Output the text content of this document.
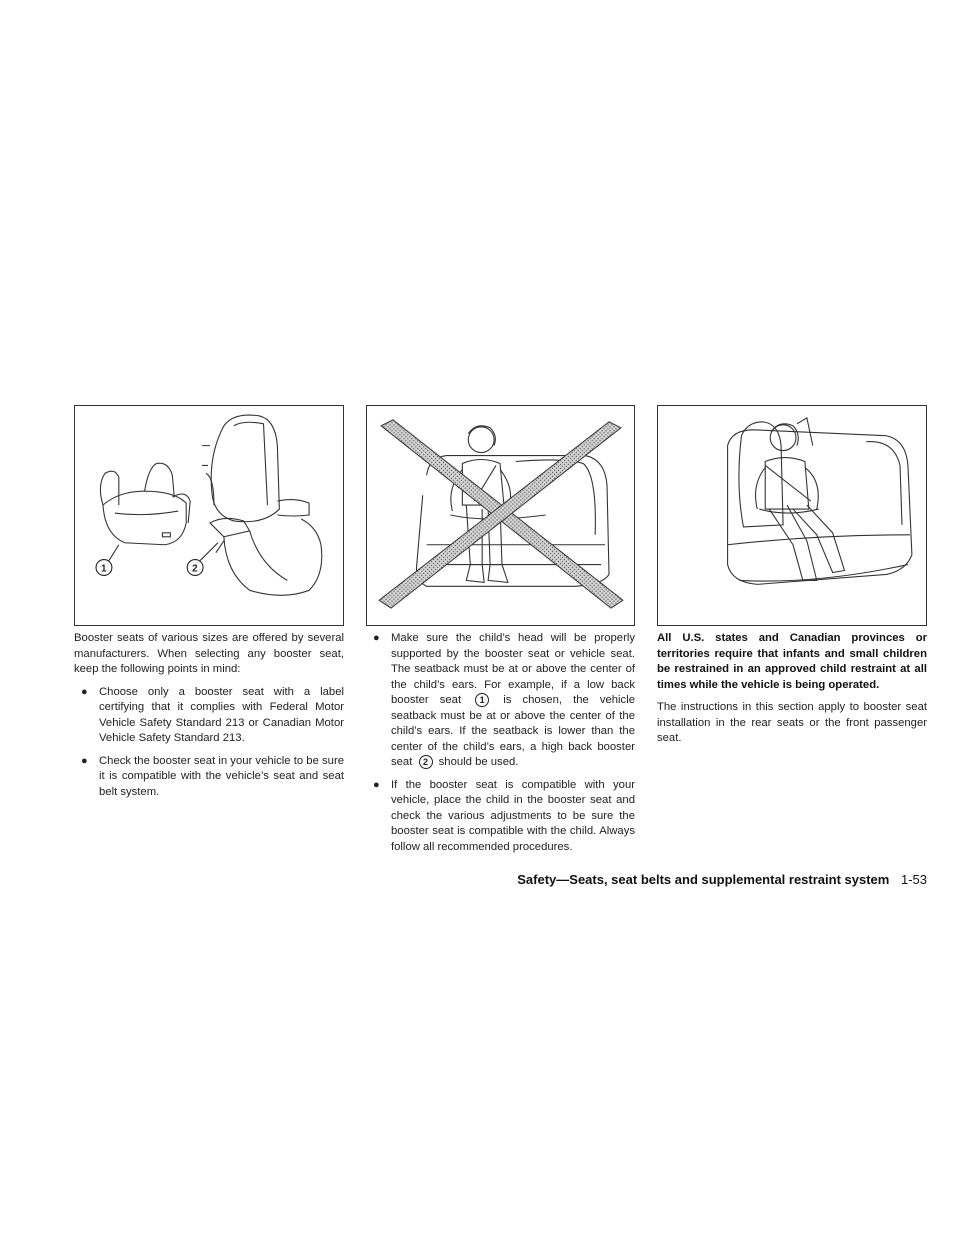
1	2

Booster seats of various sizes are offered by several manufacturers. When selecting any booster seat, keep the following points in mind:

● Choose only a booster seat with a label certifying that it complies with Federal Motor Vehicle Safety Standard 213 or Canadian Motor Vehicle Safety Standard 213.
● Check the booster seat in your vehicle to be sure it is compatible with the vehicle’s seat and seat belt system.
● Make sure the child’s head will be properly supported by the booster seat or vehicle seat. The seatback must be at or above the center of the child’s ears. For example, if a low back booster seat 1 is chosen, the vehicle seatback must be at or above the center of the child’s ears. If the seatback is lower than the center of the child’s ears, a high back booster seat 2 should be used.
● If the booster seat is compatible with your vehicle, place the child in the booster seat and check the various adjustments to be sure the booster seat is compatible with the child. Always follow all recommended procedures.

All U.S. states and Canadian provinces or territories require that infants and small children be restrained in an approved child restraint at all times while the vehicle is being operated.

The instructions in this section apply to booster seat installation in the rear seats or the front passenger seat.

Safety—Seats, seat belts and supplemental restraint system 1-53
